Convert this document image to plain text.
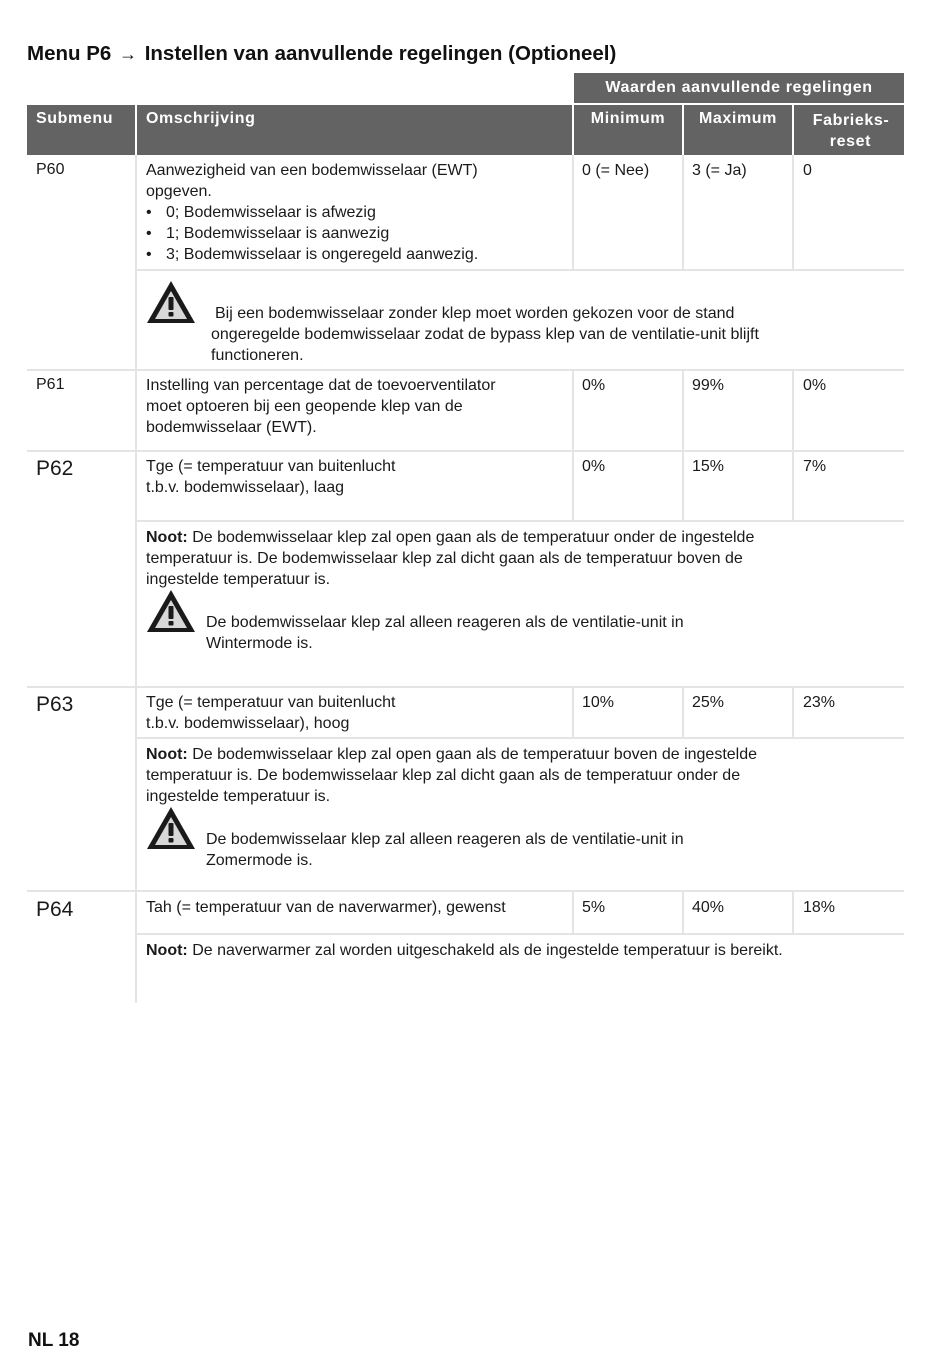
Menu P6 → Instellen van aanvullende regelingen (Optioneel)
Waarden aanvullende regelingen
Submenu	Omschrijving	Minimum	Maximum	Fabrieks-
reset
P60	Aanwezigheid van een bodemwisselaar (EWT)
opgeven.
• 0; Bodemwisselaar is afwezig
• 1; Bodemwisselaar is aanwezig
• 3; Bodemwisselaar is ongeregeld aanwezig.
0 (= Nee)	3 (= Ja)	0
Bij een bodemwisselaar zonder klep moet worden gekozen voor de stand
ongeregelde bodemwisselaar zodat de bypass klep van de ventilatie-unit blijft
functioneren.
P61	Instelling van percentage dat de toevoerventilator
moet optoeren bij een geopende klep van de
bodemwisselaar (EWT).
0%	99%	0%
P62	Tge (= temperatuur van buitenlucht
t.b.v. bodemwisselaar), laag
0%	15%	7%
Noot: De bodemwisselaar klep zal open gaan als de temperatuur onder de ingestelde
temperatuur is. De bodemwisselaar klep zal dicht gaan als de temperatuur boven de
ingestelde temperatuur is.
De bodemwisselaar klep zal alleen reageren als de ventilatie-unit in
Wintermode is.
P63	Tge (= temperatuur van buitenlucht
t.b.v. bodemwisselaar), hoog
10%	25%	23%
Noot: De bodemwisselaar klep zal open gaan als de temperatuur boven de ingestelde
temperatuur is. De bodemwisselaar klep zal dicht gaan als de temperatuur onder de
ingestelde temperatuur is.
De bodemwisselaar klep zal alleen reageren als de ventilatie-unit in
Zomermode is.
P64	Tah (= temperatuur van de naverwarmer), gewenst	5%	40%	18%
Noot: De naverwarmer zal worden uitgeschakeld als de ingestelde temperatuur is bereikt.
NL 18
